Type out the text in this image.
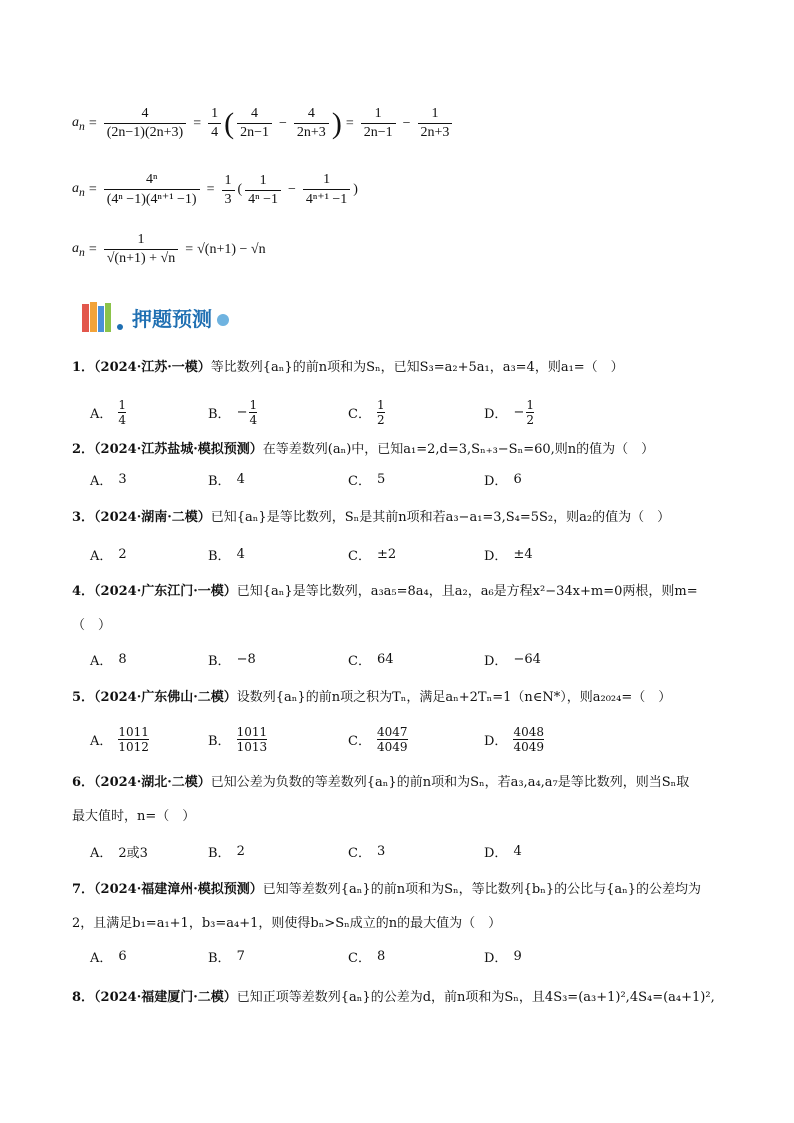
$a_n = \frac{4}{(2n-1)(2n+3)} = \frac{1}{4}$ ( $\frac{4}{2n-1} - \frac{4}{2n+3}$ ) = $\frac{1}{2n-1} - \frac{1}{2n+3}$
$a_n = \frac{\text{4ⁿ}}{\text{(4ⁿ −1)(4ⁿ⁺¹ −1)}} = \frac{1}{3}$ ( $\frac{1}{\text{4ⁿ −1}} - \frac{1}{\text{4ⁿ⁺¹ −1}}$ )
$a_n = \frac{1}{√(n+1) + √n} = √(n+1) - √n$
押题预测
1．（2024·江苏·一模）等比数列{aₙ}的前n项和为Sₙ，已知S₃=a₂+5a₁，a₃=4，则a₁=（　）
A．
1
4	B． − $\frac{1}{4}$	C．
1
2	D． − $\frac{1}{2}$
2．（2024·江苏盐城·模拟预测）在等差数列(aₙ)中，已知a₁=2,d=3,Sₙ₊₃−Sₙ=60,则n的值为（　）
A． 3	B． 4	C． 5	D． 6
3．（2024·湖南·二模）已知{aₙ}是等比数列，Sₙ是其前n项和若a₃−a₁=3,S₄=5S₂，则a₂的值为（　）
A． 2	B． 4	C． ±2	D． ±4
4．（2024·广东江门·一模）已知{aₙ}是等比数列，a₃a₅=8a₄，且a₂，a₆是方程x²−34x+m=0两根，则m=
（　）
A． 8	B． −8	C． 64	D． −64
5．（2024·广东佛山·二模）设数列{aₙ}的前n项之积为Tₙ，满足aₙ+2Tₙ=1（n∈N*），则a₂₀₂₄=（　）
A．
1011
1012	B．
1011
1013	C．
4047
4049	D．
4048
4049
6．（2024·湖北·二模）已知公差为负数的等差数列{aₙ}的前n项和为Sₙ，若a₃,a₄,a₇是等比数列，则当Sₙ取
最大值时，n=（　）
A． 2或3	B． 2	C． 3	D． 4
7．（2024·福建漳州·模拟预测）已知等差数列{aₙ}的前n项和为Sₙ，等比数列{bₙ}的公比与{aₙ}的公差均为
2，且满足b₁=a₁+1，b₃=a₄+1，则使得bₙ>Sₙ成立的n的最大值为（　）
A． 6	B． 7	C． 8	D． 9
8．（2024·福建厦门·二模）已知正项等差数列{aₙ}的公差为d，前n项和为Sₙ，且4S₃=(a₃+1)²,4S₄=(a₄+1)²,
